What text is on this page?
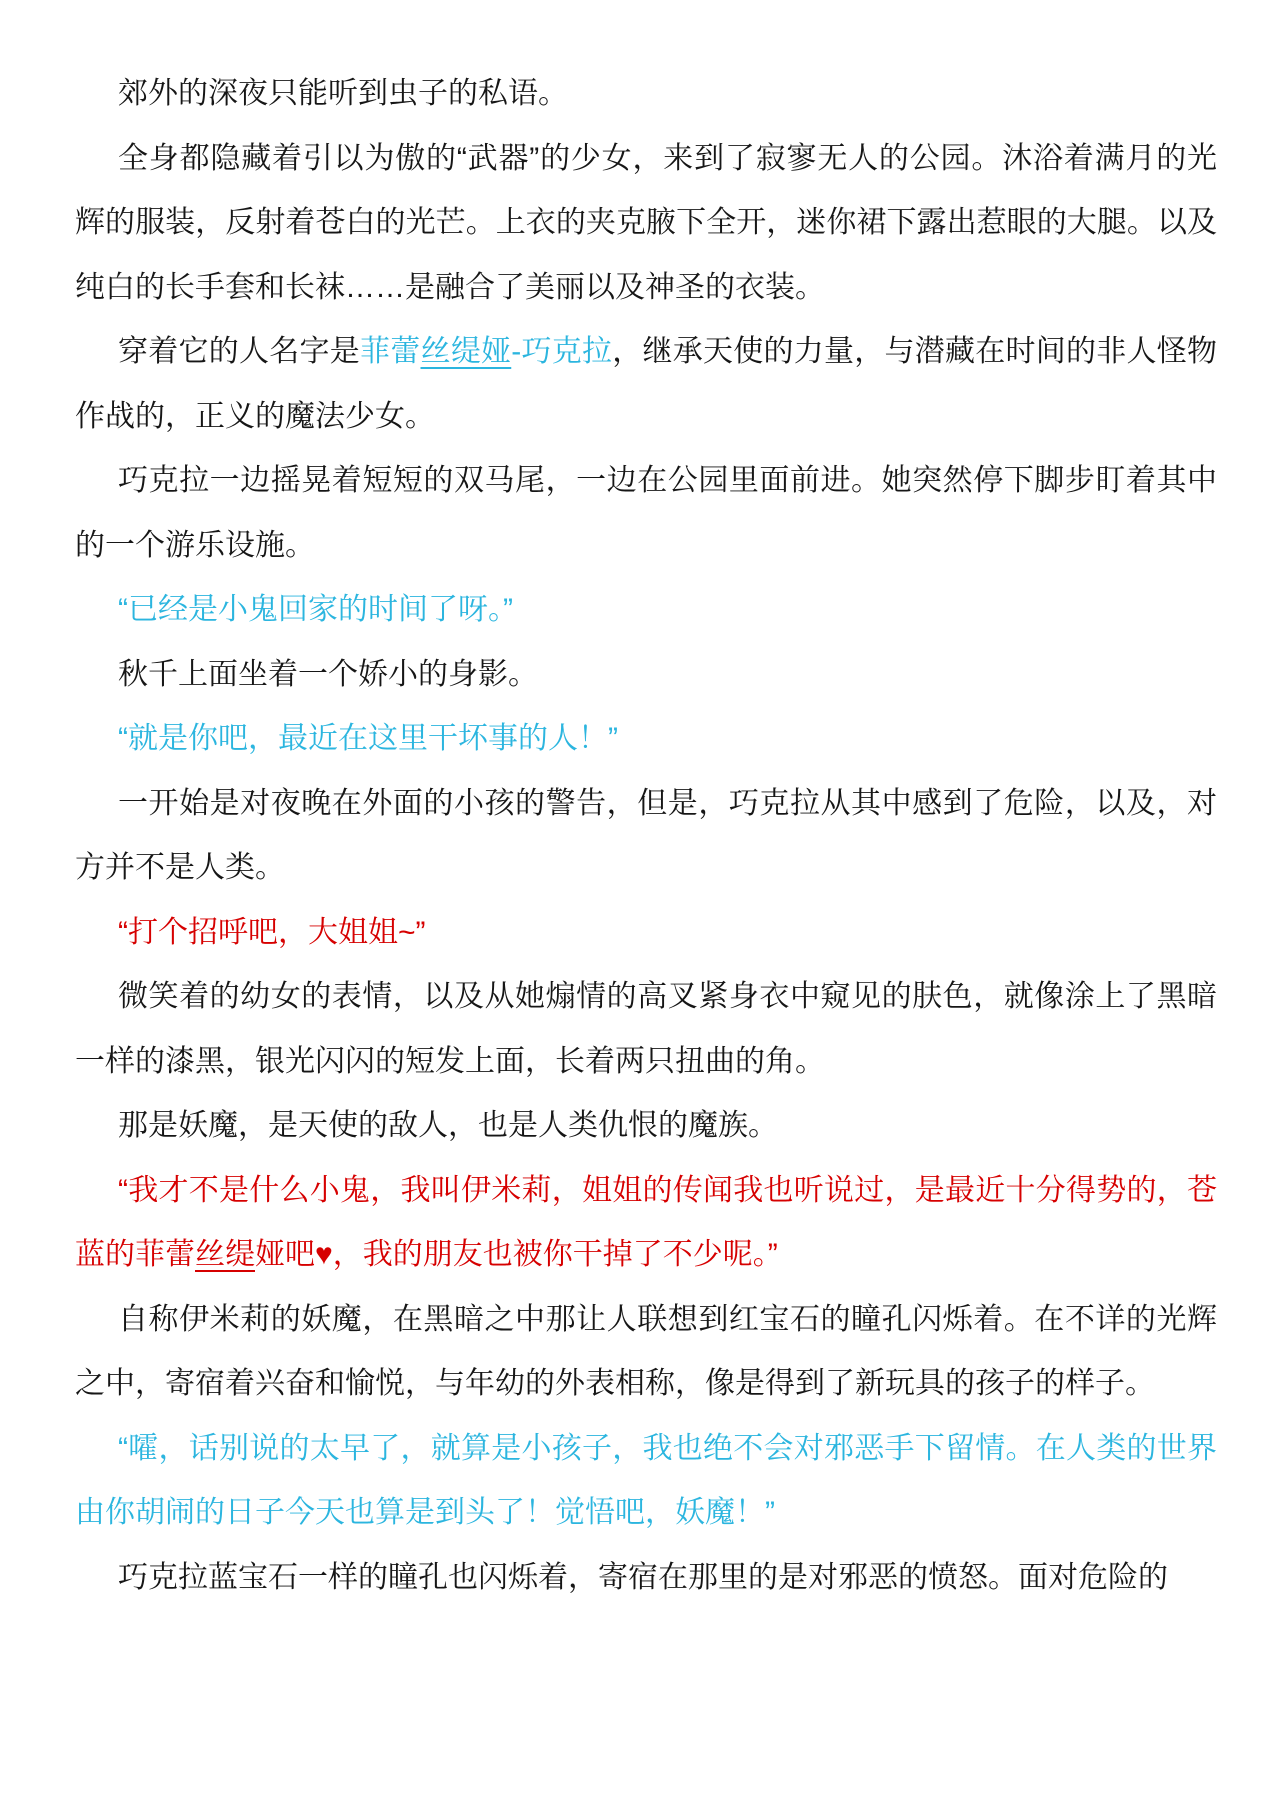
郊外的深夜只能听到虫子的私语。

全身都隐藏着引以为傲的“武器”的少女，来到了寂寥无人的公园。沐浴着满月的光辉的服装，反射着苍白的光芒。上衣的夹克腋下全开，迷你裙下露出惹眼的大腿。以及纯白的长手套和长袜……是融合了美丽以及神圣的衣装。

穿着它的人名字是菲蕾丝缇娅-巧克拉，继承天使的力量，与潜藏在时间的非人怪物作战的，正义的魔法少女。

巧克拉一边摇晃着短短的双马尾，一边在公园里面前进。她突然停下脚步盯着其中的一个游乐设施。

“已经是小鬼回家的时间了呀。”

秋千上面坐着一个娇小的身影。

“就是你吧，最近在这里干坏事的人！”

一开始是对夜晚在外面的小孩的警告，但是，巧克拉从其中感到了危险，以及，对方并不是人类。

“打个招呼吧，大姐姐~”

微笑着的幼女的表情，以及从她煽情的高叉紧身衣中窥见的肤色，就像涂上了黑暗一样的漆黑，银光闪闪的短发上面，长着两只扭曲的角。

那是妖魔，是天使的敌人，也是人类仇恨的魔族。

“我才不是什么小鬼，我叫伊米莉，姐姐的传闻我也听说过，是最近十分得势的，苍蓝的菲蕾丝缇娅吧♥，我的朋友也被你干掉了不少呢。”

自称伊米莉的妖魔，在黑暗之中那让人联想到红宝石的瞳孔闪烁着。在不详的光辉之中，寄宿着兴奋和愉悦，与年幼的外表相称，像是得到了新玩具的孩子的样子。

“嚯，话别说的太早了，就算是小孩子，我也绝不会对邪恶手下留情。在人类的世界由你胡闹的日子今天也算是到头了！觉悟吧，妖魔！”

巧克拉蓝宝石一样的瞳孔也闪烁着，寄宿在那里的是对邪恶的愤怒。面对危险的
